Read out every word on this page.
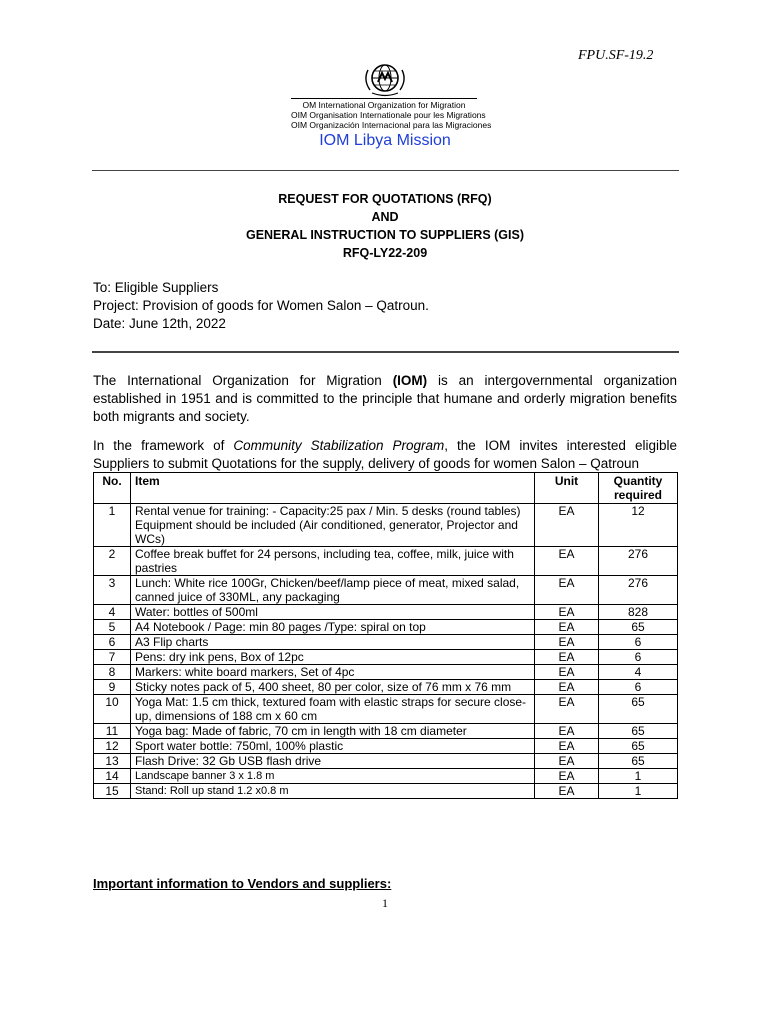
FPU.SF-19.2
OM International Organization for Migration
OIM Organisation Internationale pour les Migrations
OIM Organización Internacional para las Migraciones
IOM Libya Mission
REQUEST FOR QUOTATIONS (RFQ)
AND
GENERAL INSTRUCTION TO SUPPLIERS (GIS)
RFQ-LY22-209
To: Eligible Suppliers
Project: Provision of goods for Women Salon – Qatroun.
Date: June 12th, 2022
The International Organization for Migration (IOM) is an intergovernmental organization established in 1951 and is committed to the principle that humane and orderly migration benefits both migrants and society.
In the framework of Community Stabilization Program, the IOM invites interested eligible Suppliers to submit Quotations for the supply, delivery of goods for women Salon – Qatroun
No.	Item	Unit	Quantity required
1	Rental venue for training: - Capacity:25 pax / Min. 5 desks (round tables) Equipment should be included (Air conditioned, generator, Projector and WCs)	EA	12
2	Coffee break buffet for 24 persons, including tea, coffee, milk, juice with pastries	EA	276
3	Lunch: White rice 100Gr, Chicken/beef/lamp piece of meat, mixed salad, canned juice of 330ML, any packaging	EA	276
4	Water: bottles of 500ml	EA	828
5	A4 Notebook / Page: min 80 pages /Type: spiral on top	EA	65
6	A3 Flip charts	EA	6
7	Pens: dry ink pens, Box of 12pc	EA	6
8	Markers: white board markers, Set of 4pc	EA	4
9	Sticky notes pack of 5, 400 sheet, 80 per color, size of 76 mm x 76 mm	EA	6
10	Yoga Mat: 1.5 cm thick, textured foam with elastic straps for secure close-up, dimensions of 188 cm x 60 cm	EA	65
11	Yoga bag: Made of fabric, 70 cm in length with 18 cm diameter	EA	65
12	Sport water bottle: 750ml, 100% plastic	EA	65
13	Flash Drive: 32 Gb USB flash drive	EA	65
14	Landscape banner 3 x 1.8 m	EA	1
15	Stand: Roll up stand 1.2 x0.8 m	EA	1
Important information to Vendors and suppliers:
1
